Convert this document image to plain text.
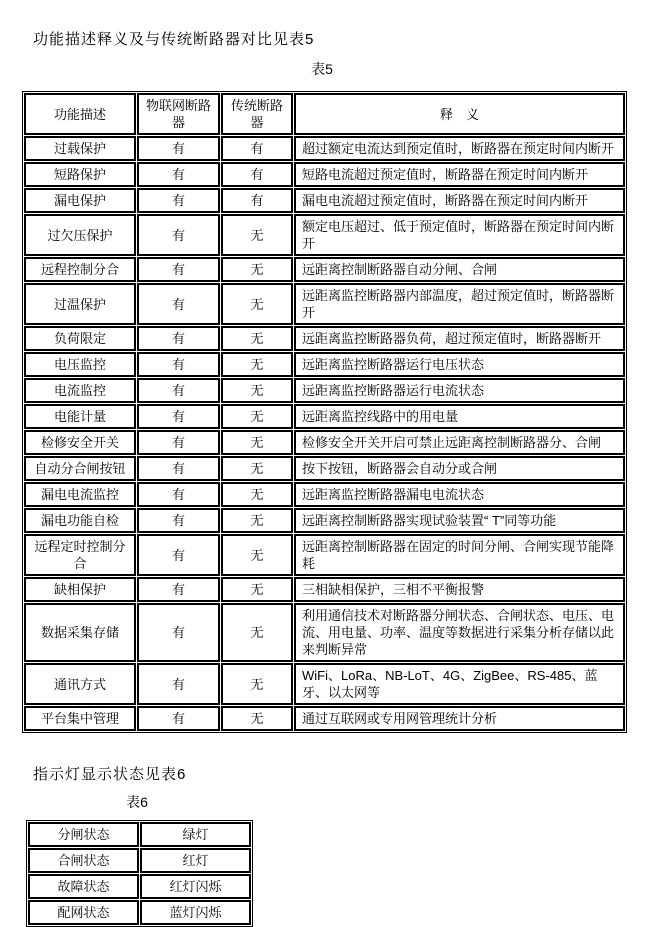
功能描述释义及与传统断路器对比见表5
表5
功能描述	物联网断路器	传统断路器	释　义
过载保护	有	有	超过额定电流达到预定值时，断路器在预定时间内断开
短路保护	有	有	短路电流超过预定值时，断路器在预定时间内断开
漏电保护	有	有	漏电电流超过预定值时，断路器在预定时间内断开
过欠压保护	有	无	额定电压超过、低于预定值时，断路器在预定时间内断开
远程控制分合	有	无	远距离控制断路器自动分闸、合闸
过温保护	有	无	远距离监控断路器内部温度，超过预定值时，断路器断开
负荷限定	有	无	远距离监控断路器负荷，超过预定值时，断路器断开
电压监控	有	无	远距离监控断路器运行电压状态
电流监控	有	无	远距离监控断路器运行电流状态
电能计量	有	无	远距离监控线路中的用电量
检修安全开关	有	无	检修安全开关开启可禁止远距离控制断路器分、合闸
自动分合闸按钮	有	无	按下按钮，断路器会自动分或合闸
漏电电流监控	有	无	远距离监控断路器漏电电流状态
漏电功能自检	有	无	远距离控制断路器实现试验装置“ T”同等功能
远程定时控制分合	有	无	远距离控制断路器在固定的时间分闸、合闸实现节能降耗
缺相保护	有	无	三相缺相保护，三相不平衡报警
数据采集存储	有	无	利用通信技术对断路器分闸状态、合闸状态、电压、电流、用电量、功率、温度等数据进行采集分析存储以此来判断异常
通讯方式	有	无	WiFi、LoRa、NB-LoT、4G、ZigBee、RS-485、蓝牙、以太网等
平台集中管理	有	无	通过互联网或专用网管理统计分析
指示灯显示状态见表6
表6
分闸状态	绿灯
合闸状态	红灯
故障状态	红灯闪烁
配网状态	蓝灯闪烁
